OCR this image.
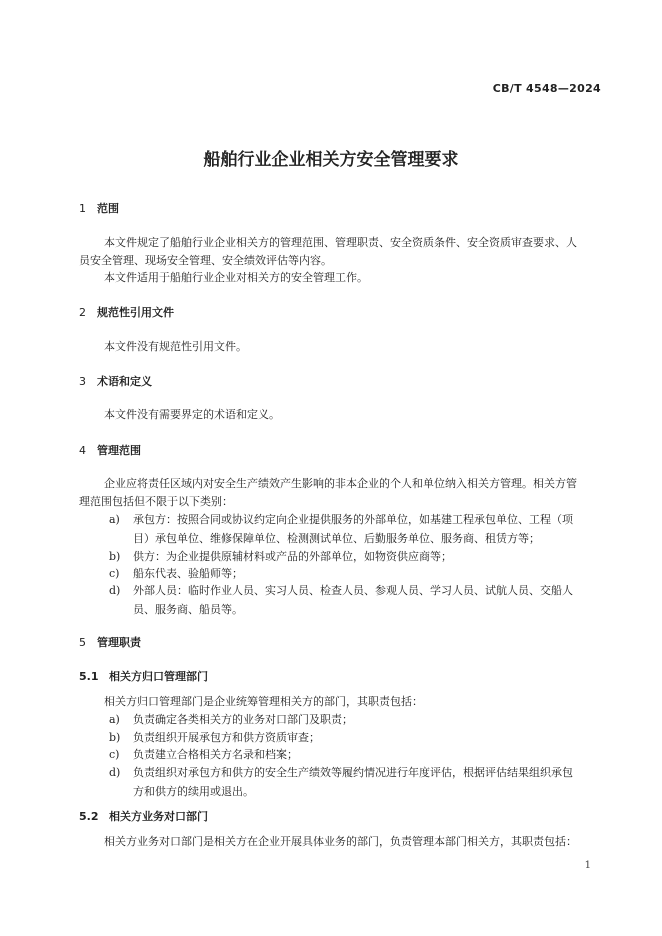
CB/T 4548—2024
船舶行业企业相关方安全管理要求
1 范围
本文件规定了船舶行业企业相关方的管理范围、管理职责、安全资质条件、安全资质审查要求、人
员安全管理、现场安全管理、安全绩效评估等内容。
本文件适用于船舶行业企业对相关方的安全管理工作。
2 规范性引用文件
本文件没有规范性引用文件。
3 术语和定义
本文件没有需要界定的术语和定义。
4 管理范围
企业应将责任区域内对安全生产绩效产生影响的非本企业的个人和单位纳入相关方管理。相关方管
理范围包括但不限于以下类别：
a) 承包方：按照合同或协议约定向企业提供服务的外部单位，如基建工程承包单位、工程（项
目）承包单位、维修保障单位、检测测试单位、后勤服务单位、服务商、租赁方等；
b) 供方：为企业提供原辅材料或产品的外部单位，如物资供应商等；
c) 船东代表、验船师等；
d) 外部人员：临时作业人员、实习人员、检查人员、参观人员、学习人员、试航人员、交船人
员、服务商、船员等。
5 管理职责
5.1 相关方归口管理部门
相关方归口管理部门是企业统筹管理相关方的部门，其职责包括：
a) 负责确定各类相关方的业务对口部门及职责；
b) 负责组织开展承包方和供方资质审查；
c) 负责建立合格相关方名录和档案；
d) 负责组织对承包方和供方的安全生产绩效等履约情况进行年度评估，根据评估结果组织承包
方和供方的续用或退出。
5.2 相关方业务对口部门
相关方业务对口部门是相关方在企业开展具体业务的部门，负责管理本部门相关方，其职责包括：
1
